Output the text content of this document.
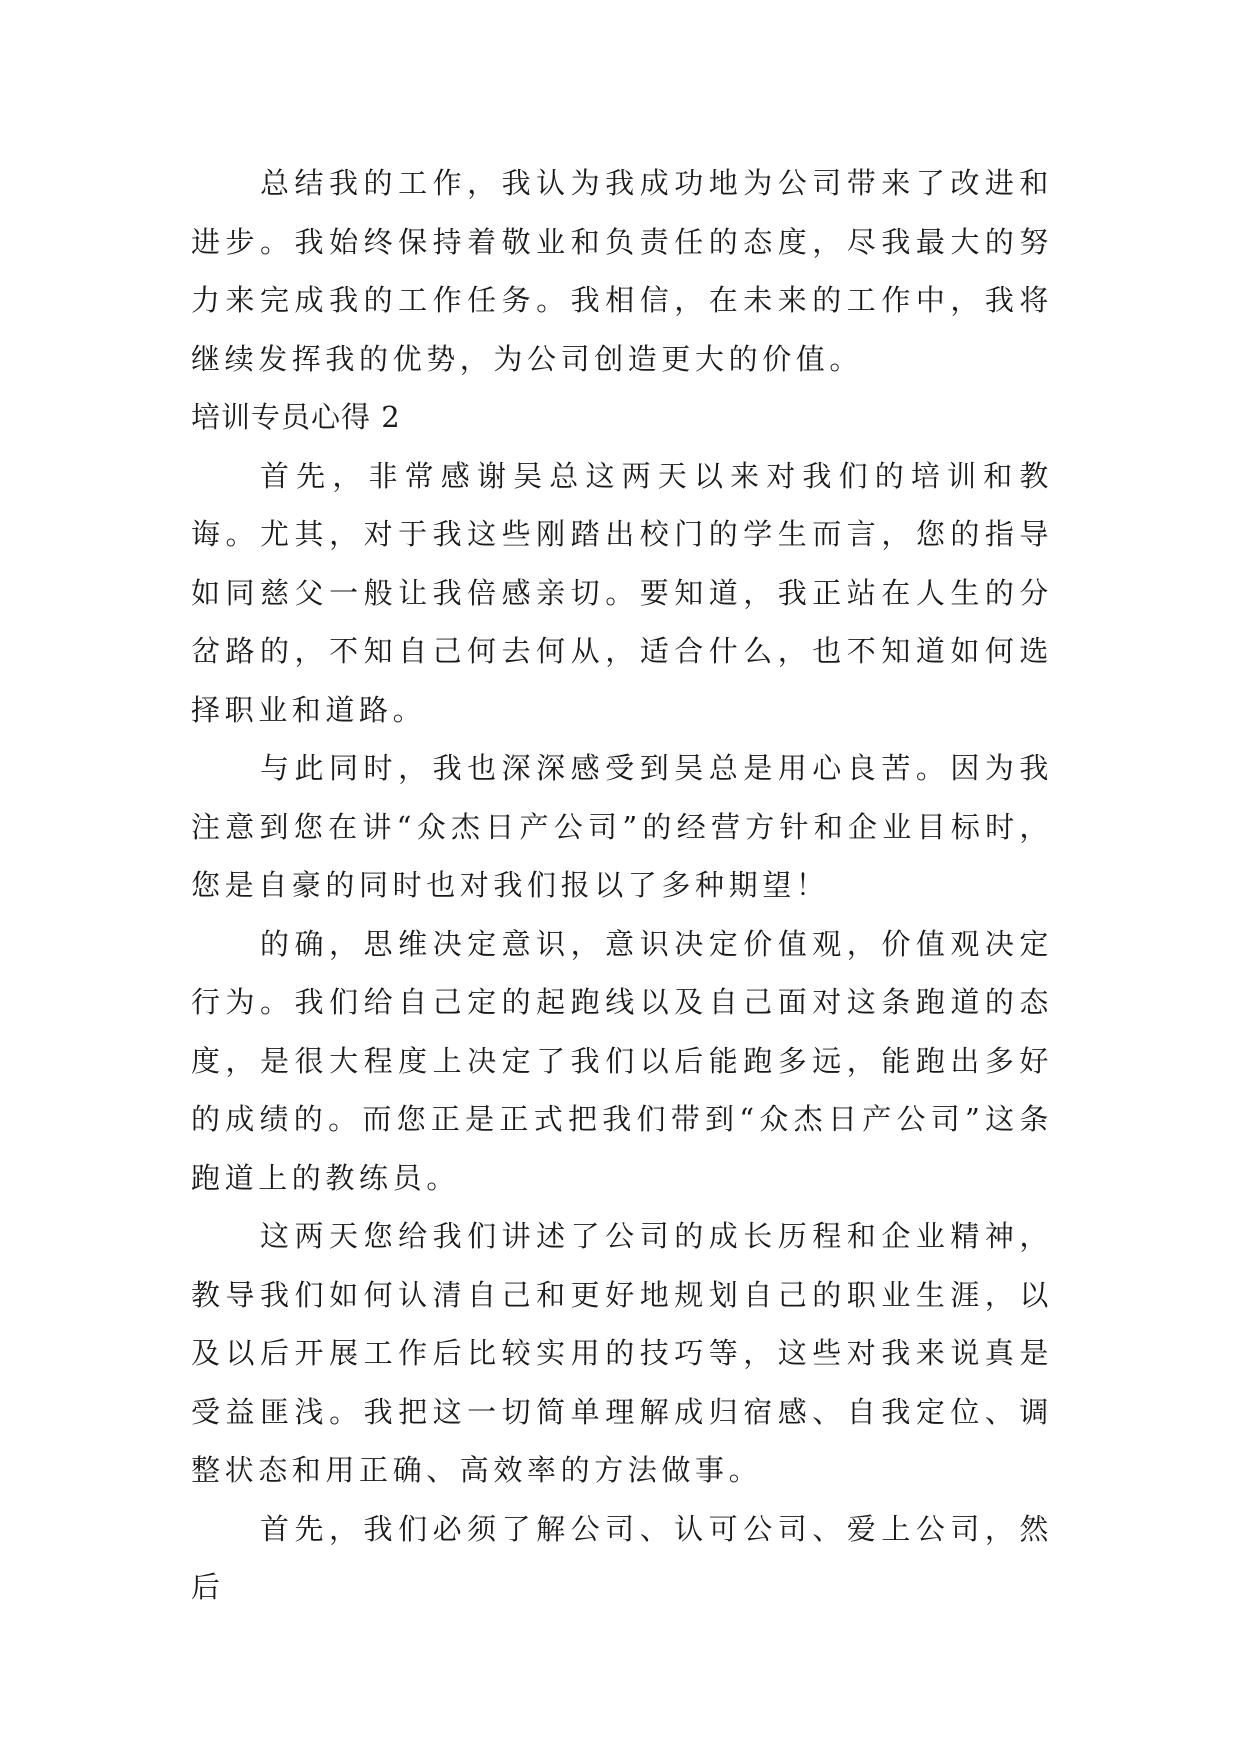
总结我的工作，我认为我成功地为公司带来了改进和进步。我始终保持着敬业和负责任的态度，尽我最大的努力来完成我的工作任务。我相信，在未来的工作中，我将继续发挥我的优势，为公司创造更大的价值。

培训专员心得 2

首先，非常感谢吴总这两天以来对我们的培训和教诲。尤其，对于我这些刚踏出校门的学生而言，您的指导如同慈父一般让我倍感亲切。要知道，我正站在人生的分岔路的，不知自己何去何从，适合什么，也不知道如何选择职业和道路。

与此同时，我也深深感受到吴总是用心良苦。因为我注意到您在讲“众杰日产公司”的经营方针和企业目标时，您是自豪的同时也对我们报以了多种期望！

的确，思维决定意识，意识决定价值观，价值观决定行为。我们给自己定的起跑线以及自己面对这条跑道的态度，是很大程度上决定了我们以后能跑多远，能跑出多好的成绩的。而您正是正式把我们带到“众杰日产公司”这条跑道上的教练员。

这两天您给我们讲述了公司的成长历程和企业精神，教导我们如何认清自己和更好地规划自己的职业生涯，以及以后开展工作后比较实用的技巧等，这些对我来说真是受益匪浅。我把这一切简单理解成归宿感、自我定位、调整状态和用正确、高效率的方法做事。

首先，我们必须了解公司、认可公司、爱上公司，然后
